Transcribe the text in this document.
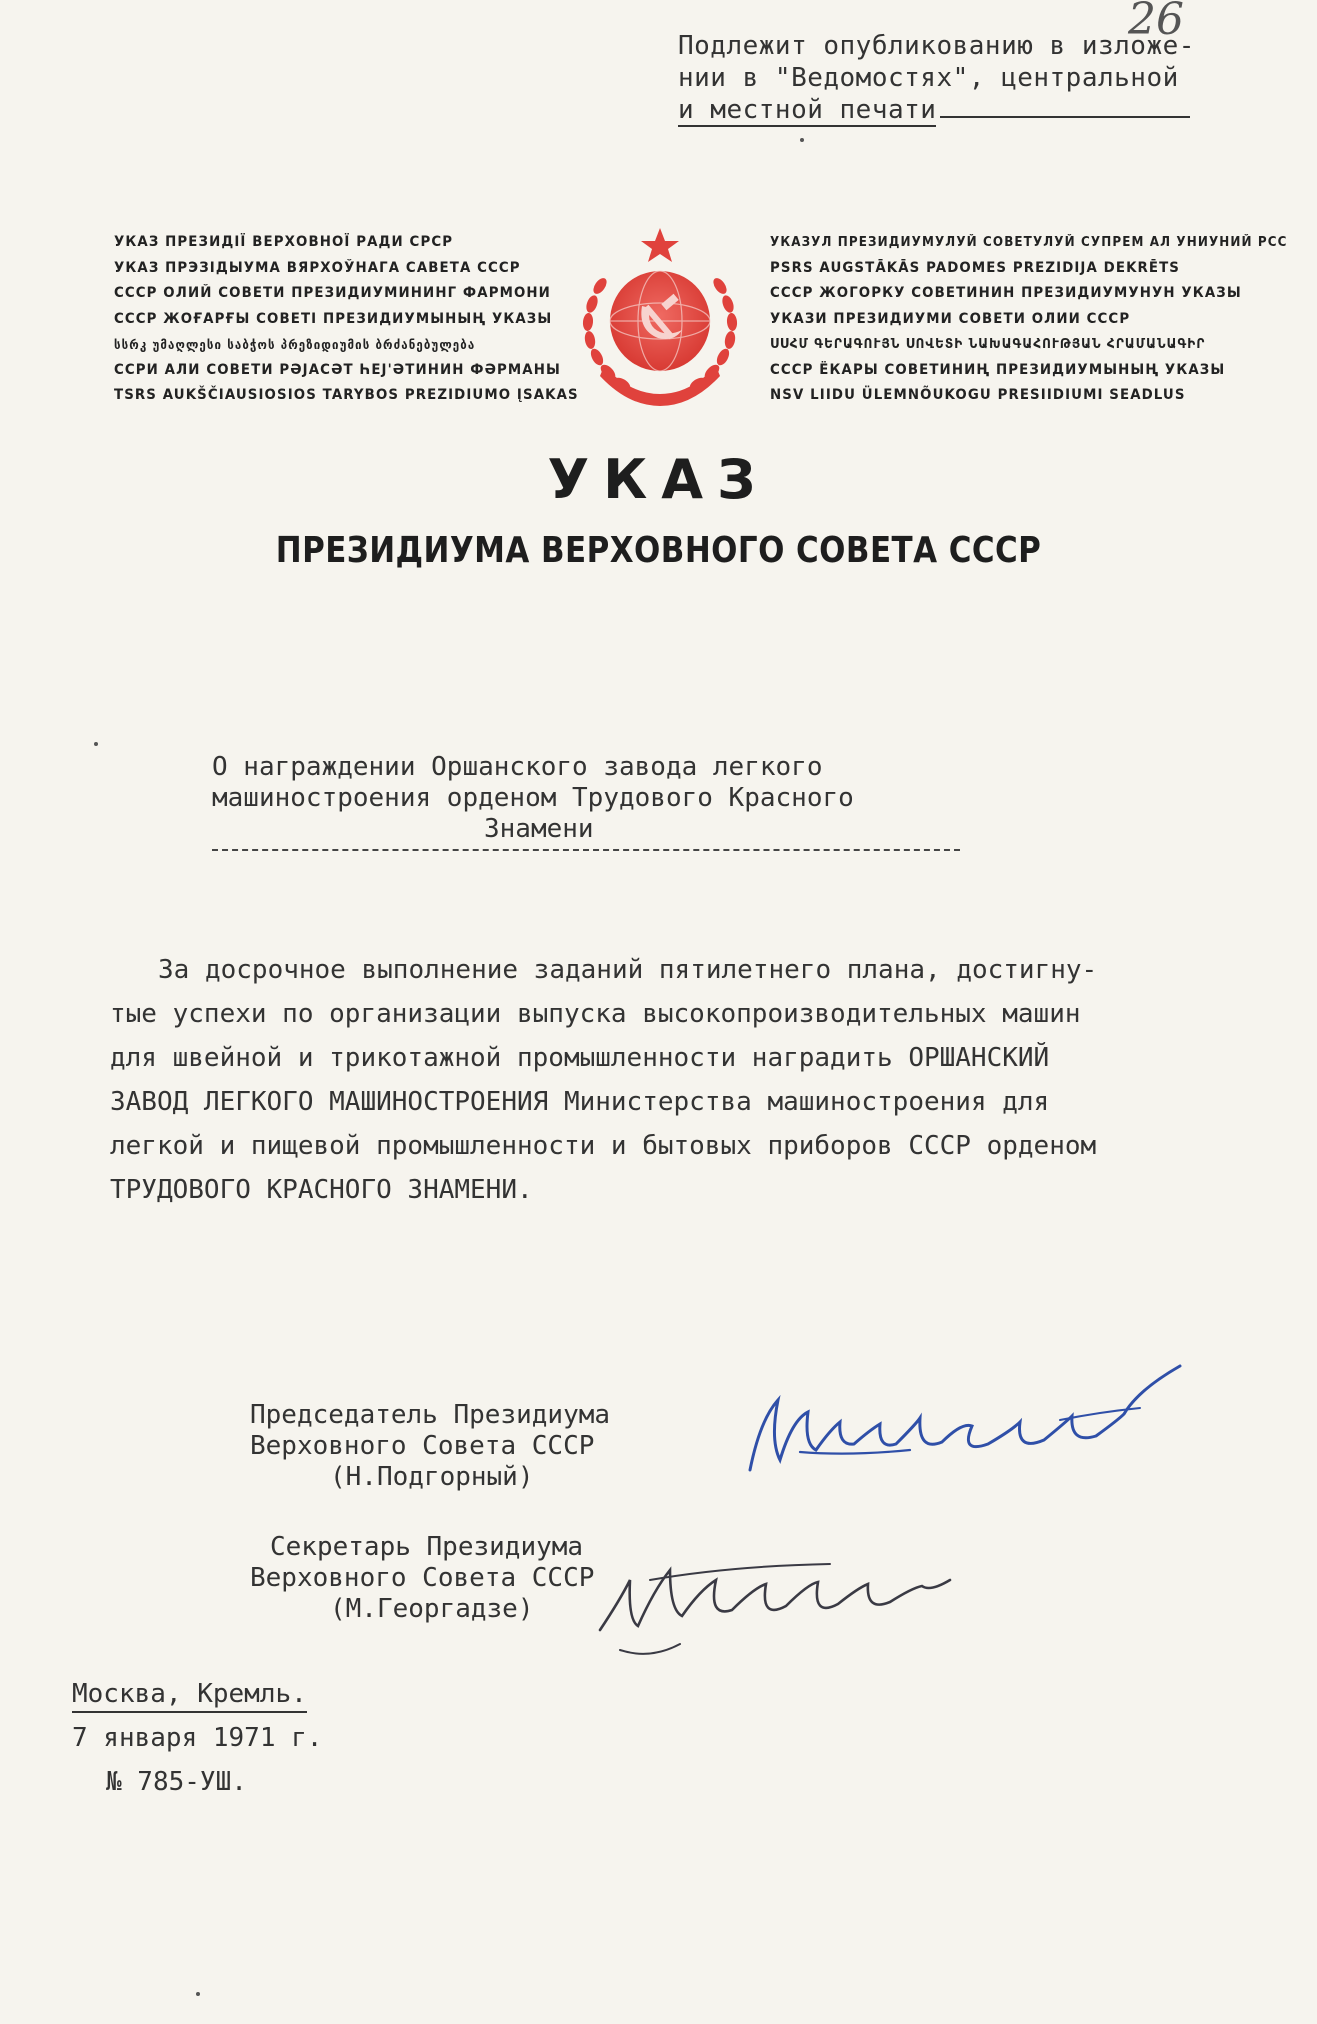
26
Подлежит опубликованию в изложе-
нии в "Ведомостях", центральной
и местной печати
УКАЗ ПРЕЗИДІЇ ВЕРХОВНОЇ РАДИ СРСР
УКАЗ ПРЭЗІДЫУМА ВЯРХОЎНАГА САВЕТА СССР
СССР ОЛИЙ СОВЕТИ ПРЕЗИДИУМИНИНГ ФАРМОНИ
СССР ЖОҒАРҒЫ СОВЕТІ ПРЕЗИДИУМЫНЫҢ УКАЗЫ
სსრკ უმაღლესი საბჭოს პრეზიდიუმის ბრძანებულება
ССРИ АЛИ СОВЕТИ РӘЈАСӘТ ҺЕЈ'ӘТИНИН ФӘРМАНЫ
TSRS AUKŠČIAUSIOSIOS TARYBOS PREZIDIUMO ĮSAKAS
УКАЗУЛ ПРЕЗИДИУМУЛУЙ СОВЕТУЛУЙ СУПРЕМ АЛ УНИУНИЙ РСС
PSRS AUGSTĀKĀS PADOMES PREZIDIJA DEKRĒTS
СССР ЖОГОРКУ СОВЕТИНИН ПРЕЗИДИУМУНУН УКАЗЫ
УКАЗИ ПРЕЗИДИУМИ СОВЕТИ ОЛИИ СССР
ՍՍՀՄ ԳԵՐԱԳՈՒՅՆ ՍՈՎԵՏԻ ՆԱԽԱԳԱՀՈՒԹՅԱՆ ՀՐԱՄԱՆԱԳԻՐ
СССР ЁКАРЫ СОВЕТИНИҢ ПРЕЗИДИУМЫНЫҢ УКАЗЫ
NSV LIIDU ÜLEMNÕUKOGU PRESIIDIUMI SEADLUS
УКАЗ
ПРЕЗИДИУМА ВЕРХОВНОГО СОВЕТА СССР
О награждении Оршанского завода легкого
машиностроения орденом Трудового Красного
Знамени
За досрочное выполнение заданий пятилетнего плана, достигну-
тые успехи по организации выпуска высокопроизводительных машин
для швейной и трикотажной промышленности наградить ОРШАНСКИЙ
ЗАВОД ЛЕГКОГО МАШИНОСТРОЕНИЯ Министерства машиностроения для
легкой и пищевой промышленности и бытовых приборов СССР орденом
ТРУДОВОГО КРАСНОГО ЗНАМЕНИ.
Председатель Президиума
Верховного Совета СССР
(Н.Подгорный)
Секретарь Президиума
Верховного Совета СССР
(М.Георгадзе)
Москва, Кремль.
7 января 1971 г.
№ 785-УШ.
